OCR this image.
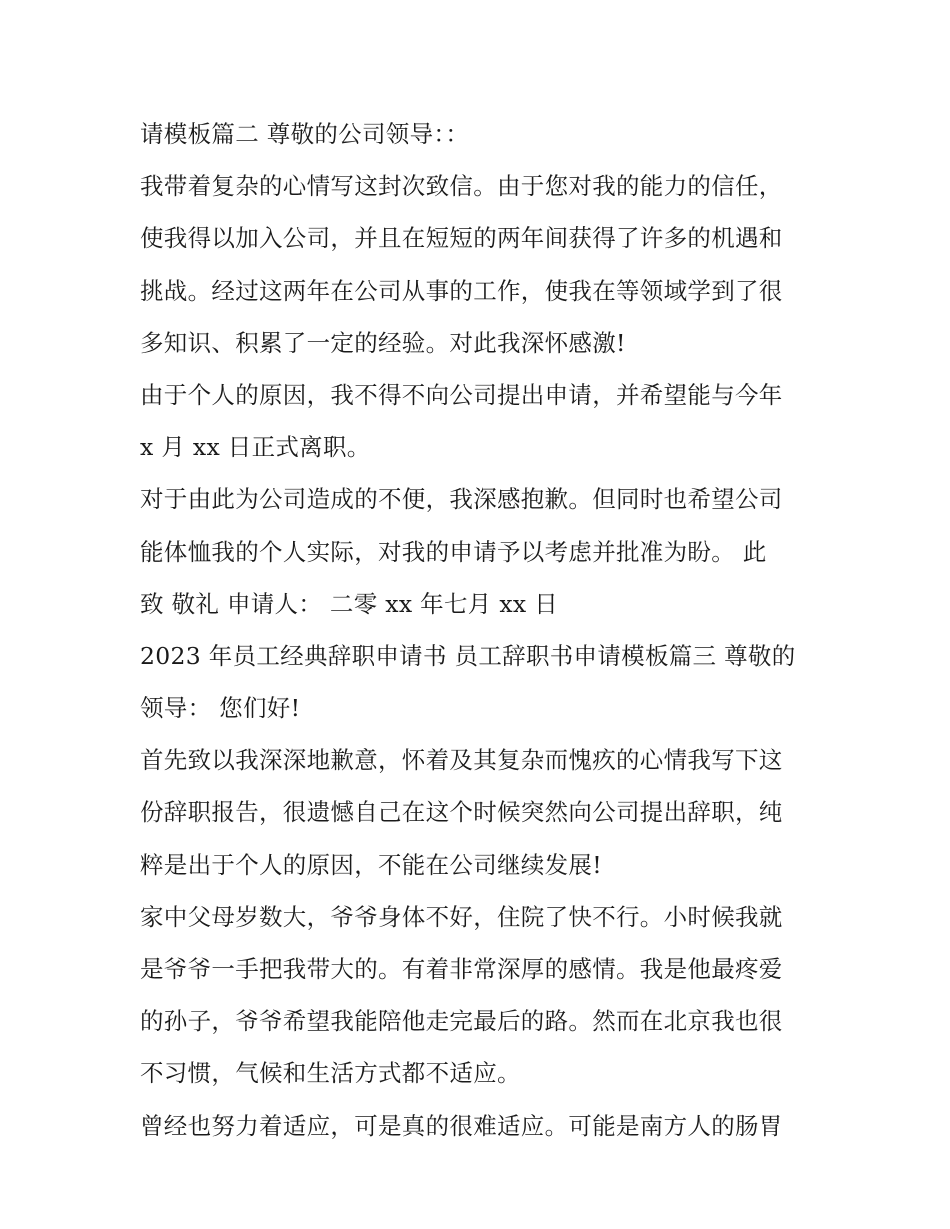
请模板篇二 尊敬的公司领导：：
我带着复杂的心情写这封次致信。由于您对我的能力的信任，
使我得以加入公司，并且在短短的两年间获得了许多的机遇和
挑战。经过这两年在公司从事的工作，使我在等领域学到了很
多知识、积累了一定的经验。对此我深怀感激!
由于个人的原因，我不得不向公司提出申请，并希望能与今年
x 月 xx 日正式离职。
对于由此为公司造成的不便，我深感抱歉。但同时也希望公司
能体恤我的个人实际，对我的申请予以考虑并批准为盼。 此
致 敬礼 申请人： 二零 xx 年七月 xx 日
2023 年员工经典辞职申请书 员工辞职书申请模板篇三 尊敬的
领导： 您们好!
首先致以我深深地歉意，怀着及其复杂而愧疚的心情我写下这
份辞职报告，很遗憾自己在这个时候突然向公司提出辞职，纯
粹是出于个人的原因，不能在公司继续发展!
家中父母岁数大，爷爷身体不好，住院了快不行。小时候我就
是爷爷一手把我带大的。有着非常深厚的感情。我是他最疼爱
的孙子，爷爷希望我能陪他走完最后的路。然而在北京我也很
不习惯，气候和生活方式都不适应。
曾经也努力着适应，可是真的很难适应。可能是南方人的肠胃
